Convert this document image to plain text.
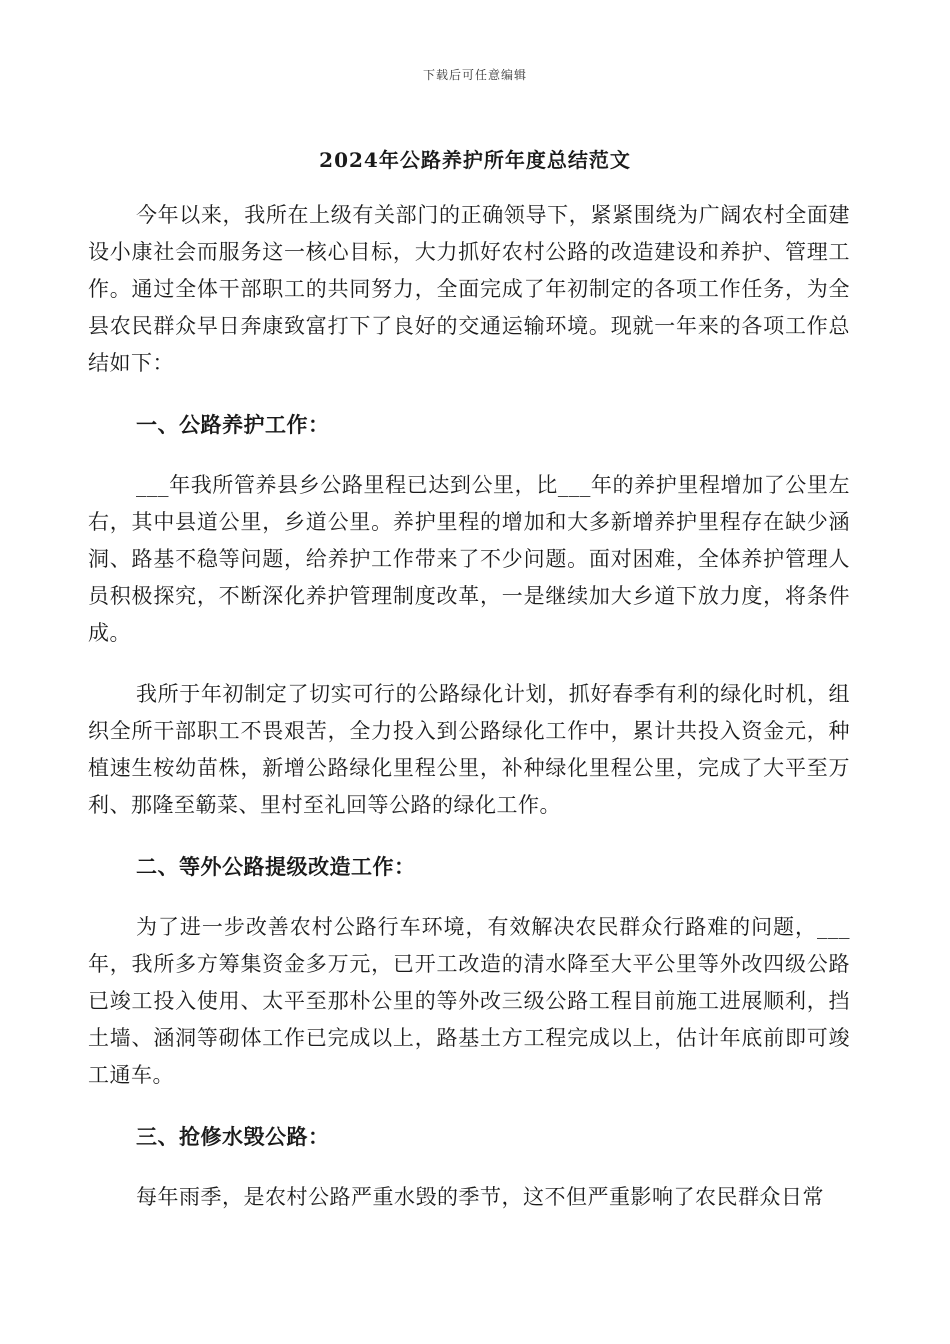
下载后可任意编辑
2024年公路养护所年度总结范文

今年以来，我所在上级有关部门的正确领导下，紧紧围绕为广阔农村全面建设小康社会而服务这一核心目标，大力抓好农村公路的改造建设和养护、管理工作。通过全体干部职工的共同努力，全面完成了年初制定的各项工作任务，为全县农民群众早日奔康致富打下了良好的交通运输环境。现就一年来的各项工作总结如下：

一、公路养护工作：

___年我所管养县乡公路里程已达到公里，比___年的养护里程增加了公里左右，其中县道公里，乡道公里。养护里程的增加和大多新增养护里程存在缺少涵洞、路基不稳等问题，给养护工作带来了不少问题。面对困难，全体养护管理人员积极探究，不断深化养护管理制度改革，一是继续加大乡道下放力度，将条件成。

我所于年初制定了切实可行的公路绿化计划，抓好春季有利的绿化时机，组织全所干部职工不畏艰苦，全力投入到公路绿化工作中，累计共投入资金元，种植速生桉幼苗株，新增公路绿化里程公里，补种绿化里程公里，完成了大平至万利、那隆至簕菜、里村至礼回等公路的绿化工作。

二、等外公路提级改造工作：

为了进一步改善农村公路行车环境，有效解决农民群众行路难的问题，___年，我所多方筹集资金多万元，已开工改造的清水降至大平公里等外改四级公路已竣工投入使用、太平至那朴公里的等外改三级公路工程目前施工进展顺利，挡土墙、涵洞等砌体工作已完成以上，路基土方工程完成以上，估计年底前即可竣工通车。

三、抢修水毁公路：

每年雨季，是农村公路严重水毁的季节，这不但严重影响了农民群众日常
